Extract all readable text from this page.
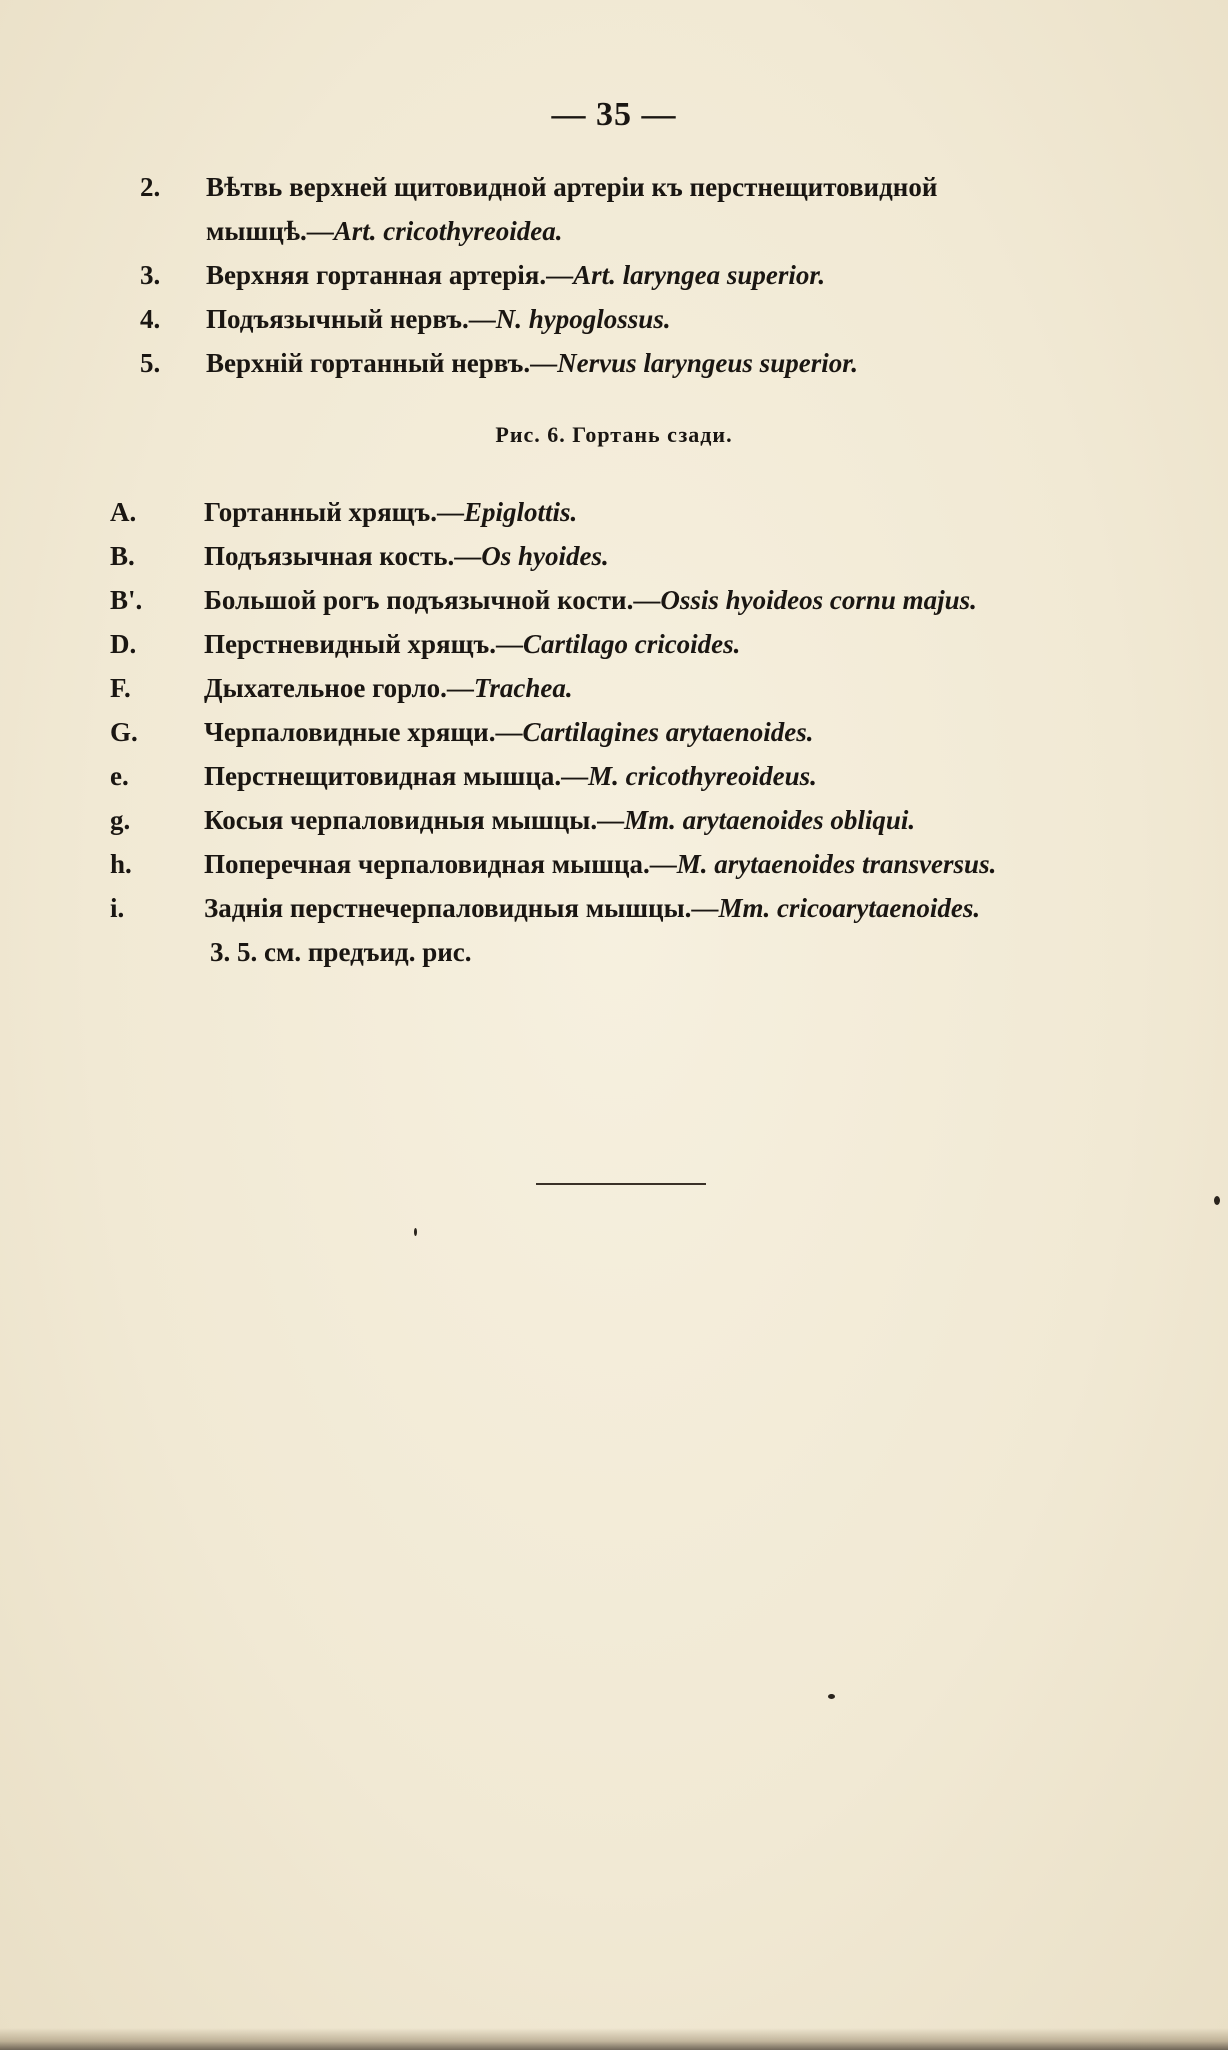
— 35 —
2.	Вѣтвь верхней щитовидной артеріи къ перстнещитовидной
мышцѣ.—Art. cricothyreoidea.
3.	Верхняя гортанная артерія.—Art. laryngea superior.
4.	Подъязычный нервъ.—N. hypoglossus.
5.	Верхній гортанный нервъ.—Nervus laryngeus superior.
Рис. 6. Гортань сзади.
A.	Гортанный хрящъ.—Epiglottis.
B.	Подъязычная кость.—Os hyoides.
B'.	Большой рогъ подъязычной кости.—Ossis hyoideos cornu majus.
D.	Перстневидный хрящъ.—Cartilago cricoides.
F.	Дыхательное горло.—Trachea.
G.	Черпаловидные хрящи.—Cartilagines arytaenoides.
e.	Перстнещитовидная мышца.—M. cricothyreoideus.
g.	Косыя черпаловидныя мышцы.—Mm. arytaenoides obliqui.
h.	Поперечная черпаловидная мышца.—M. arytaenoides transversus.
i.	Заднія перстнечерпаловидныя мышцы.—Mm. cricoarytaenoides.
3. 5. см. предъид. рис.
